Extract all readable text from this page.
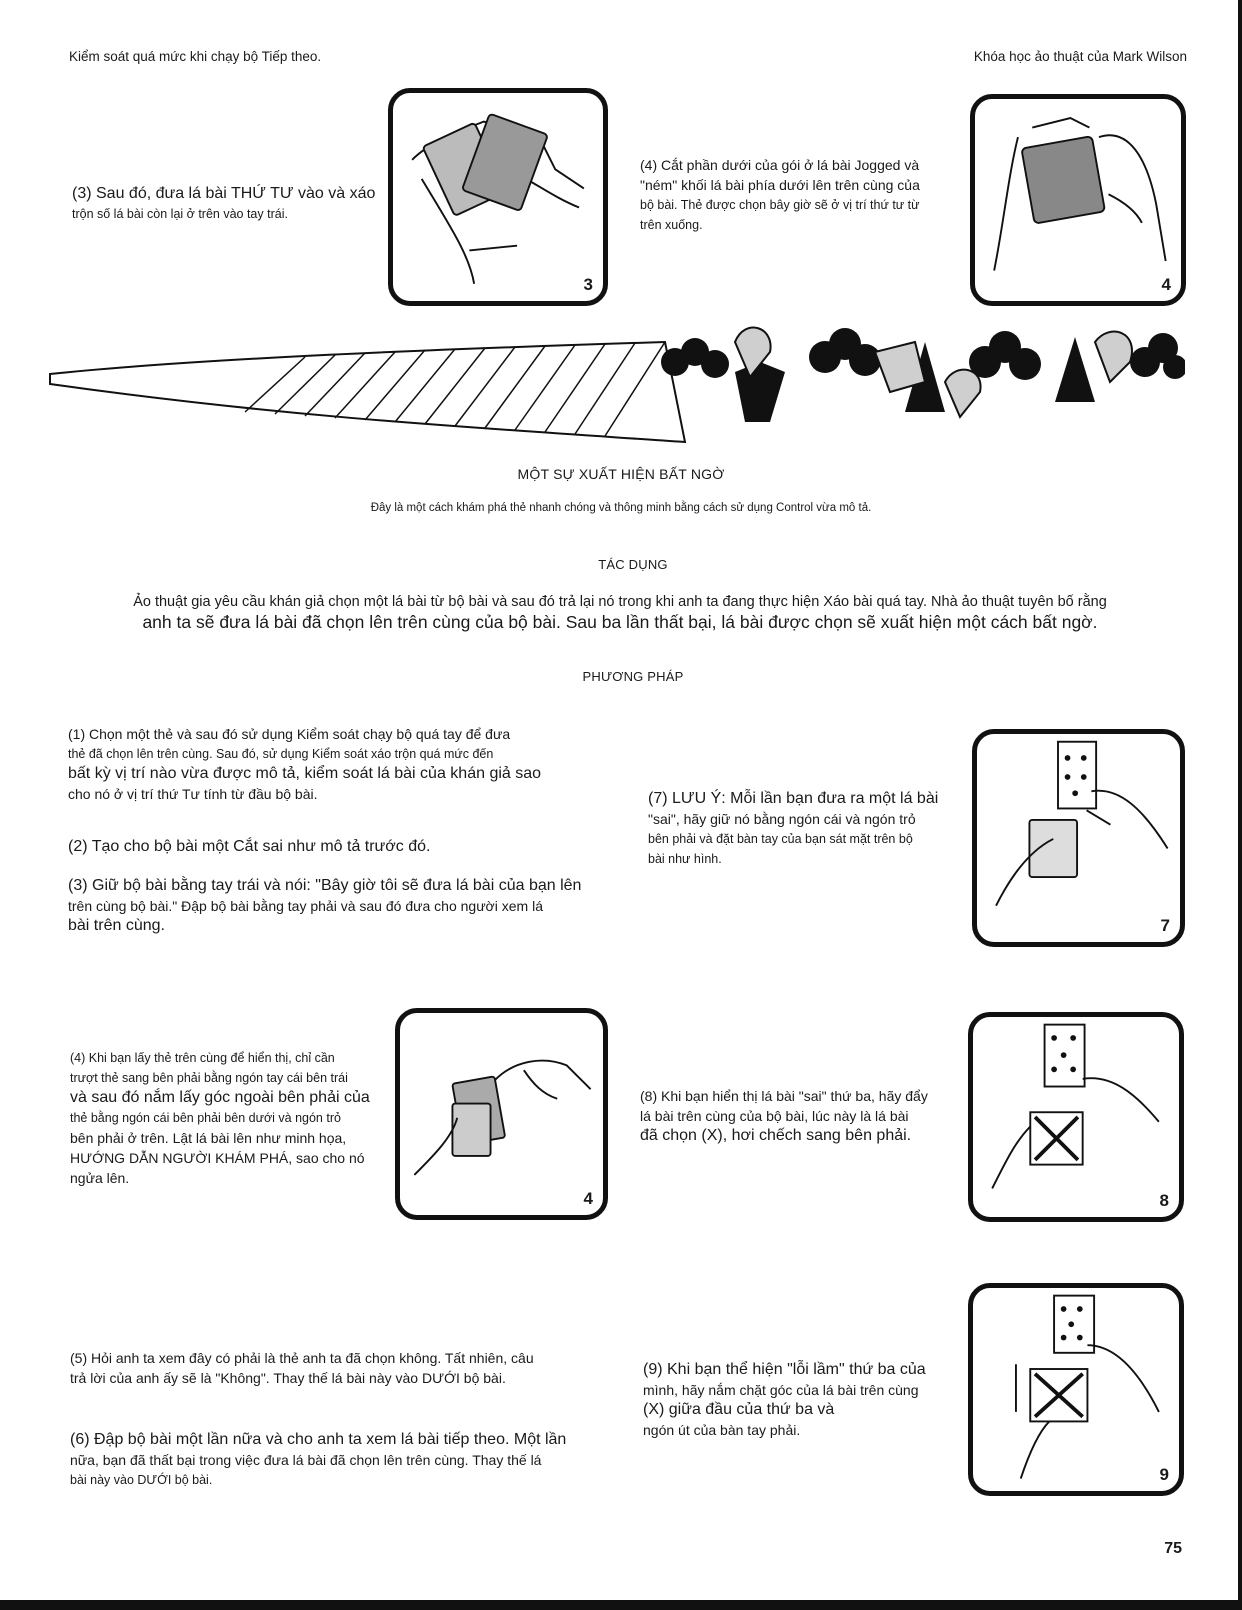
Kiểm soát quá mức khi chạy bộ Tiếp theo.	Khóa học ảo thuật của Mark Wilson

(3) Sau đó, đưa lá bài THỨ TƯ vào và xáo

trộn số lá bài còn lại ở trên vào tay trái.

3

(4) Cắt phần dưới của gói ở lá bài Jogged và

"ném" khối lá bài phía dưới lên trên cùng của

bộ bài. Thẻ được chọn bây giờ sẽ ở vị trí thứ tư từ

trên xuống.

4
MỘT SỰ XUẤT HIỆN BẤT NGỜ
Đây là một cách khám phá thẻ nhanh chóng và thông minh bằng cách sử dụng Control vừa mô tả.
TÁC DỤNG
Ảo thuật gia yêu cầu khán giả chọn một lá bài từ bộ bài và sau đó trả lại nó trong khi anh ta đang thực hiện Xáo bài quá tay. Nhà ảo thuật tuyên bố rằng
anh ta sẽ đưa lá bài đã chọn lên trên cùng của bộ bài. Sau ba lần thất bại, lá bài được chọn sẽ xuất hiện một cách bất ngờ.
PHƯƠNG PHÁP

(1) Chọn một thẻ và sau đó sử dụng Kiểm soát chạy bộ quá tay để đưa

thẻ đã chọn lên trên cùng. Sau đó, sử dụng Kiểm soát xáo trộn quá mức đến

bất kỳ vị trí nào vừa được mô tả, kiểm soát lá bài của khán giả sao

cho nó ở vị trí thứ Tư tính từ đầu bộ bài.

(2) Tạo cho bộ bài một Cắt sai như mô tả trước đó.

(3) Giữ bộ bài bằng tay trái và nói: "Bây giờ tôi sẽ đưa lá bài của bạn lên

trên cùng bộ bài." Đập bộ bài bằng tay phải và sau đó đưa cho người xem lá

bài trên cùng.

(7) LƯU Ý: Mỗi lần bạn đưa ra một lá bài

"sai", hãy giữ nó bằng ngón cái và ngón trỏ

bên phải và đặt bàn tay của bạn sát mặt trên bộ

bài như hình.

7

(4) Khi bạn lấy thẻ trên cùng để hiển thị, chỉ cần

trượt thẻ sang bên phải bằng ngón tay cái bên trái

và sau đó nắm lấy góc ngoài bên phải của

thẻ bằng ngón cái bên phải bên dưới và ngón trỏ

bên phải ở trên. Lật lá bài lên như minh họa,

HƯỚNG DẪN NGƯỜI KHÁM PHÁ, sao cho nó

ngửa lên.

4

(8) Khi bạn hiển thị lá bài "sai" thứ ba, hãy đẩy

lá bài trên cùng của bộ bài, lúc này là lá bài

đã chọn (X), hơi chếch sang bên phải.

8

(5) Hỏi anh ta xem đây có phải là thẻ anh ta đã chọn không. Tất nhiên, câu

trả lời của anh ấy sẽ là "Không". Thay thế lá bài này vào DƯỚI bộ bài.	(9) Khi bạn thể hiện "lỗi lầm" thứ ba của

mình, hãy nắm chặt góc của lá bài trên cùng

(X) giữa đầu của thứ ba và

ngón út của bàn tay phải.

9

(6) Đập bộ bài một lần nữa và cho anh ta xem lá bài tiếp theo. Một lần

nữa, bạn đã thất bại trong việc đưa lá bài đã chọn lên trên cùng. Thay thế lá

bài này vào DƯỚI bộ bài.

75
